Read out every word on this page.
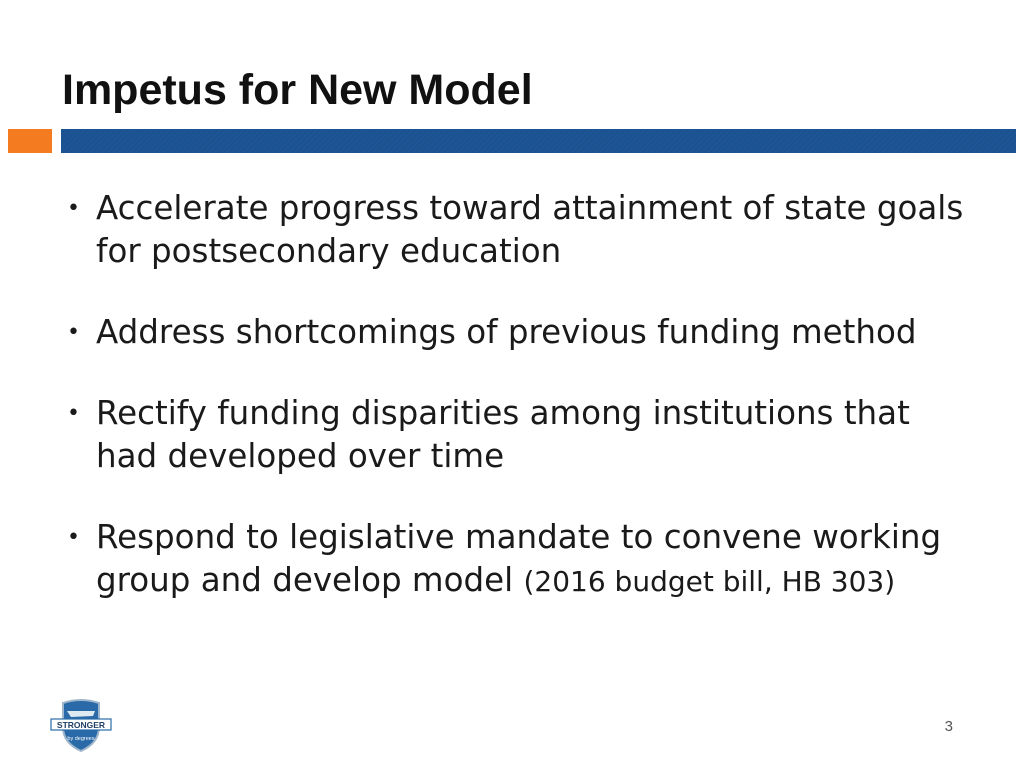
Impetus for New Model
• Accelerate progress toward attainment of state goals for postsecondary education
• Address shortcomings of previous funding method
• Rectify funding disparities among institutions that had developed over time
• Respond to legislative mandate to convene working group and develop model (2016 budget bill, HB 303)
STRONGER
by degrees
3
